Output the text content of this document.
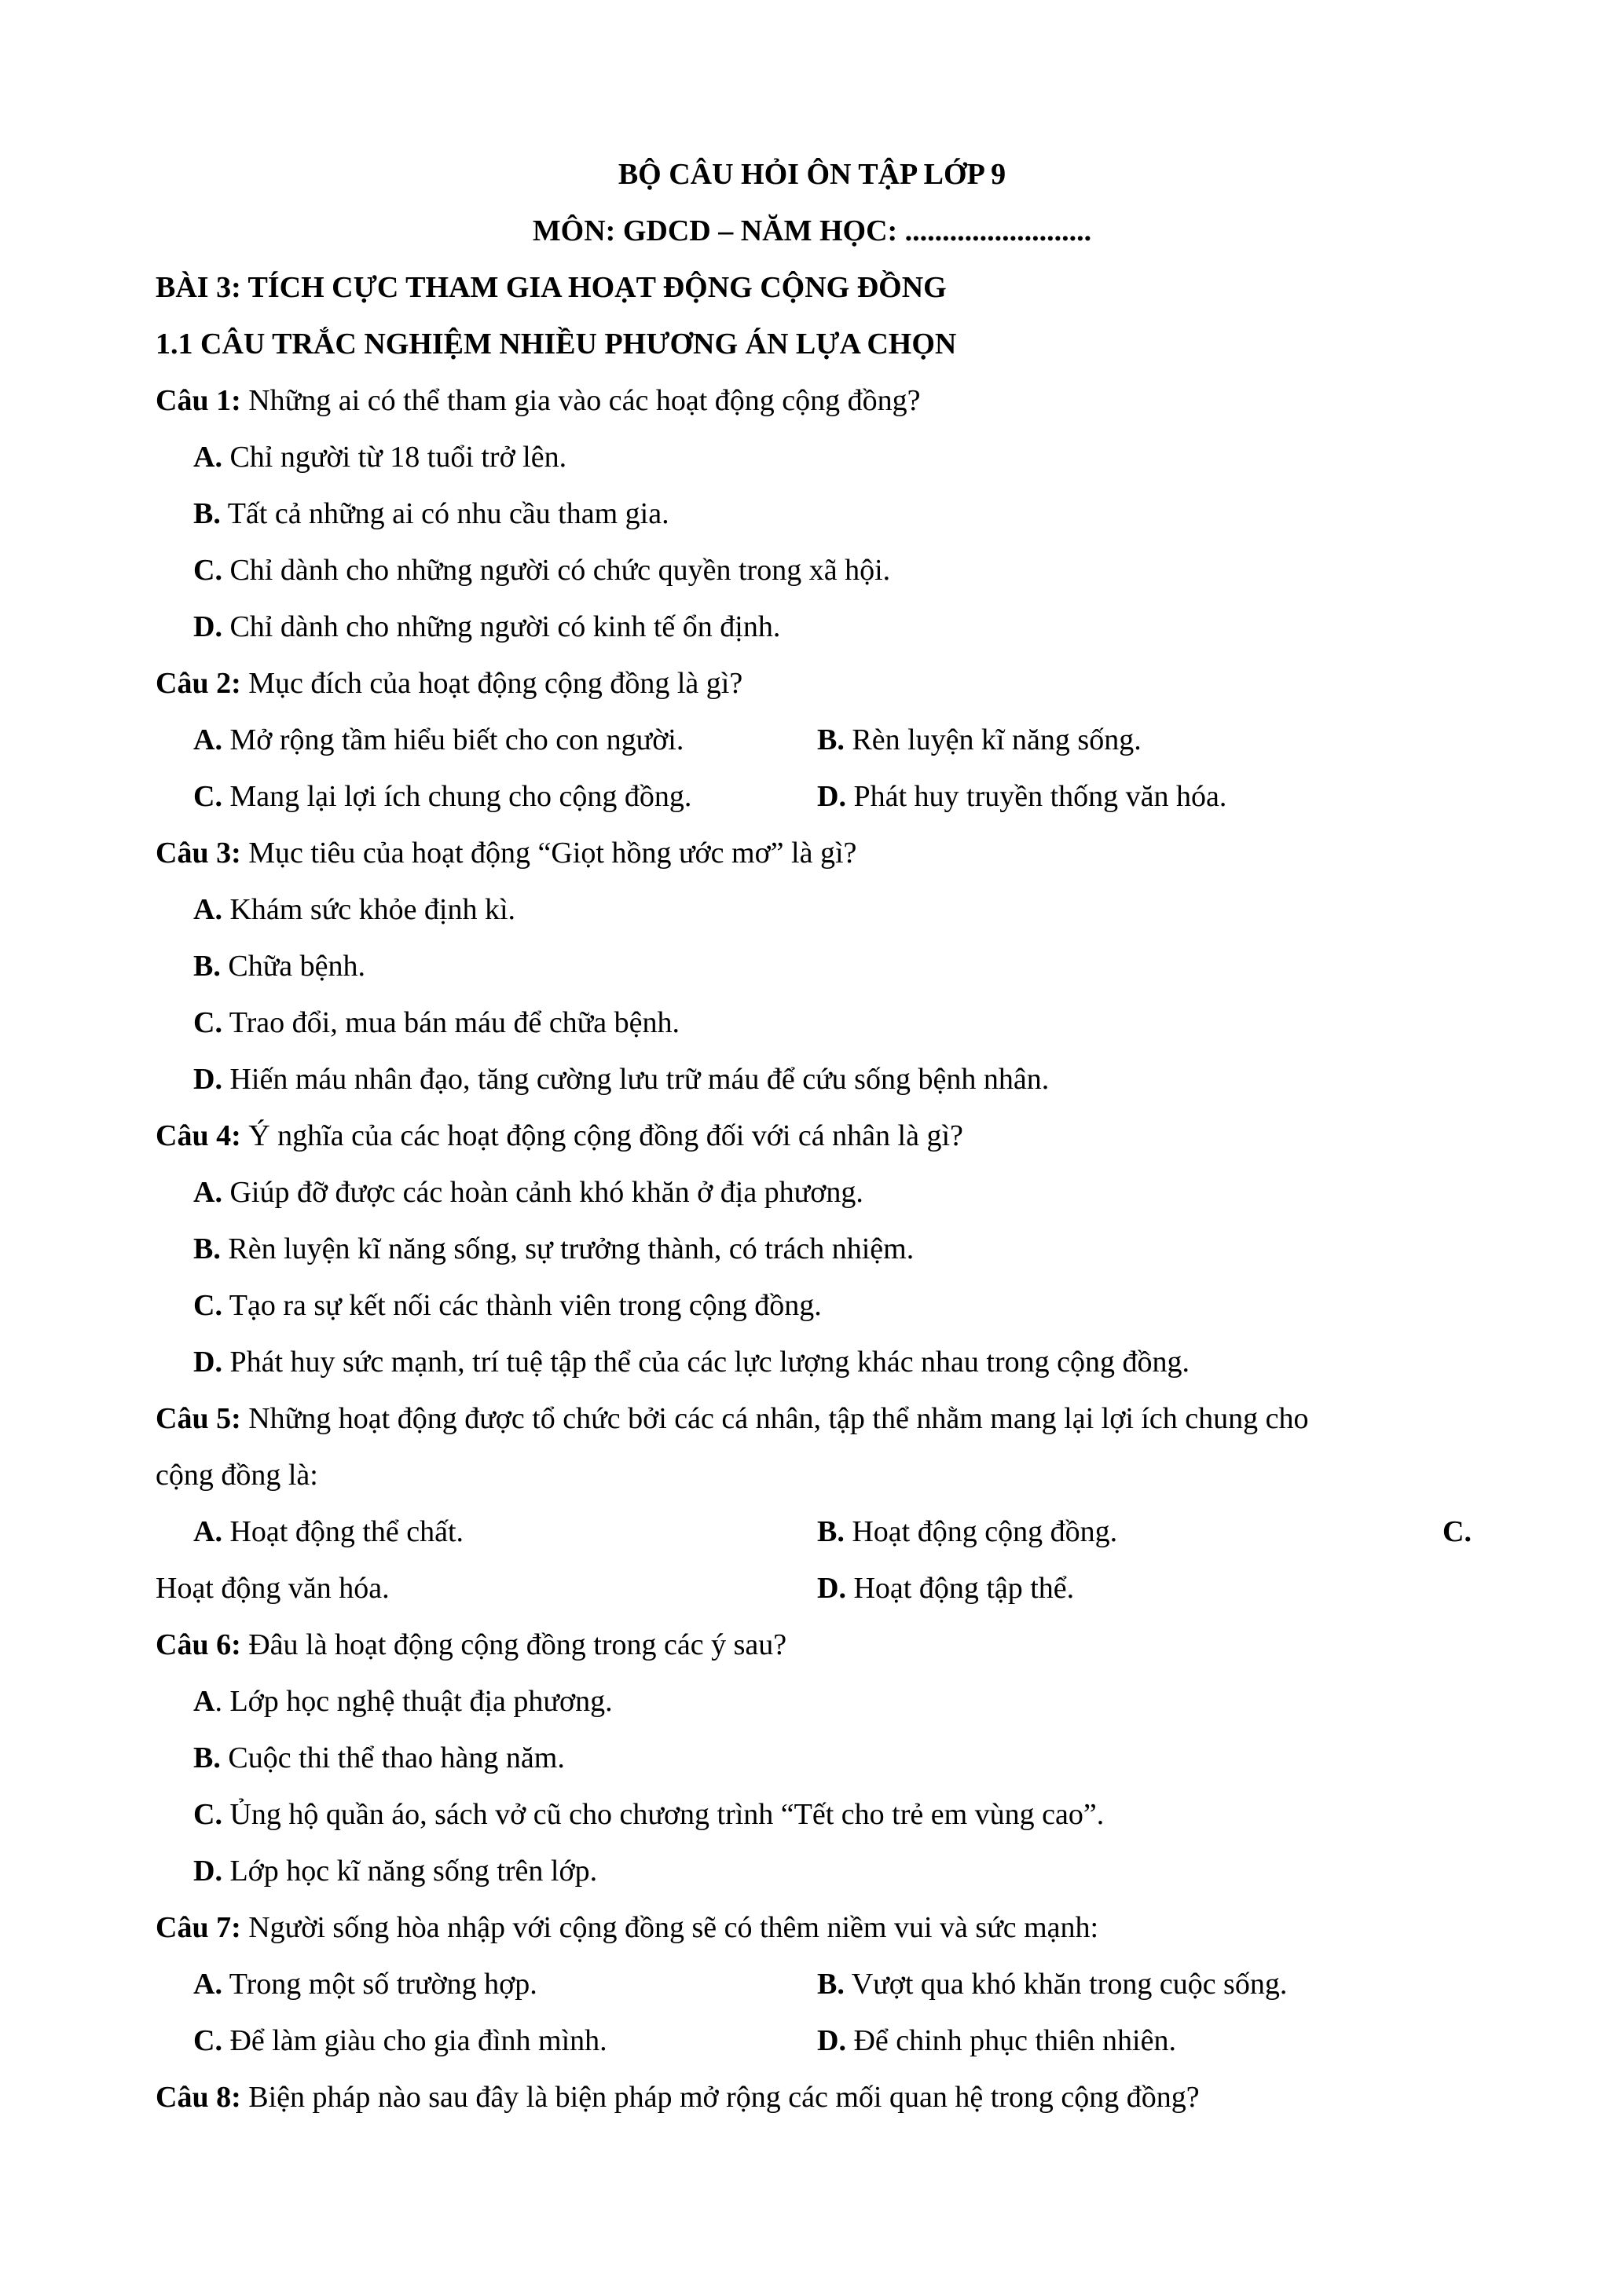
BỘ CÂU HỎI ÔN TẬP LỚP 9
MÔN: GDCD – NĂM HỌC: .........................
BÀI 3: TÍCH CỰC THAM GIA HOẠT ĐỘNG CỘNG ĐỒNG
1.1 CÂU TRẮC NGHIỆM NHIỀU PHƯƠNG ÁN LỰA CHỌN
Câu 1: Những ai có thể tham gia vào các hoạt động cộng đồng?
A. Chỉ người từ 18 tuổi trở lên.
B. Tất cả những ai có nhu cầu tham gia.
C. Chỉ dành cho những người có chức quyền trong xã hội.
D. Chỉ dành cho những người có kinh tế ổn định.
Câu 2: Mục đích của hoạt động cộng đồng là gì?
A. Mở rộng tầm hiểu biết cho con người.	B. Rèn luyện kĩ năng sống.
C. Mang lại lợi ích chung cho cộng đồng.	D. Phát huy truyền thống văn hóa.
Câu 3: Mục tiêu của hoạt động “Giọt hồng ước mơ” là gì?
A. Khám sức khỏe định kì.
B. Chữa bệnh.
C. Trao đổi, mua bán máu để chữa bệnh.
D. Hiến máu nhân đạo, tăng cường lưu trữ máu để cứu sống bệnh nhân.
Câu 4: Ý nghĩa của các hoạt động cộng đồng đối với cá nhân là gì?
A. Giúp đỡ được các hoàn cảnh khó khăn ở địa phương.
B. Rèn luyện kĩ năng sống, sự trưởng thành, có trách nhiệm.
C. Tạo ra sự kết nối các thành viên trong cộng đồng.
D. Phát huy sức mạnh, trí tuệ tập thể của các lực lượng khác nhau trong cộng đồng.
Câu 5: Những hoạt động được tổ chức bởi các cá nhân, tập thể nhằm mang lại lợi ích chung cho
cộng đồng là:
A. Hoạt động thể chất.	B. Hoạt động cộng đồng.	C.
Hoạt động văn hóa.	D. Hoạt động tập thể.
Câu 6: Đâu là hoạt động cộng đồng trong các ý sau?
A. Lớp học nghệ thuật địa phương.
B. Cuộc thi thể thao hàng năm.
C. Ủng hộ quần áo, sách vở cũ cho chương trình “Tết cho trẻ em vùng cao”.
D. Lớp học kĩ năng sống trên lớp.
Câu 7: Người sống hòa nhập với cộng đồng sẽ có thêm niềm vui và sức mạnh:
A. Trong một số trường hợp.	B. Vượt qua khó khăn trong cuộc sống.
C. Để làm giàu cho gia đình mình.	D. Để chinh phục thiên nhiên.
Câu 8: Biện pháp nào sau đây là biện pháp mở rộng các mối quan hệ trong cộng đồng?
